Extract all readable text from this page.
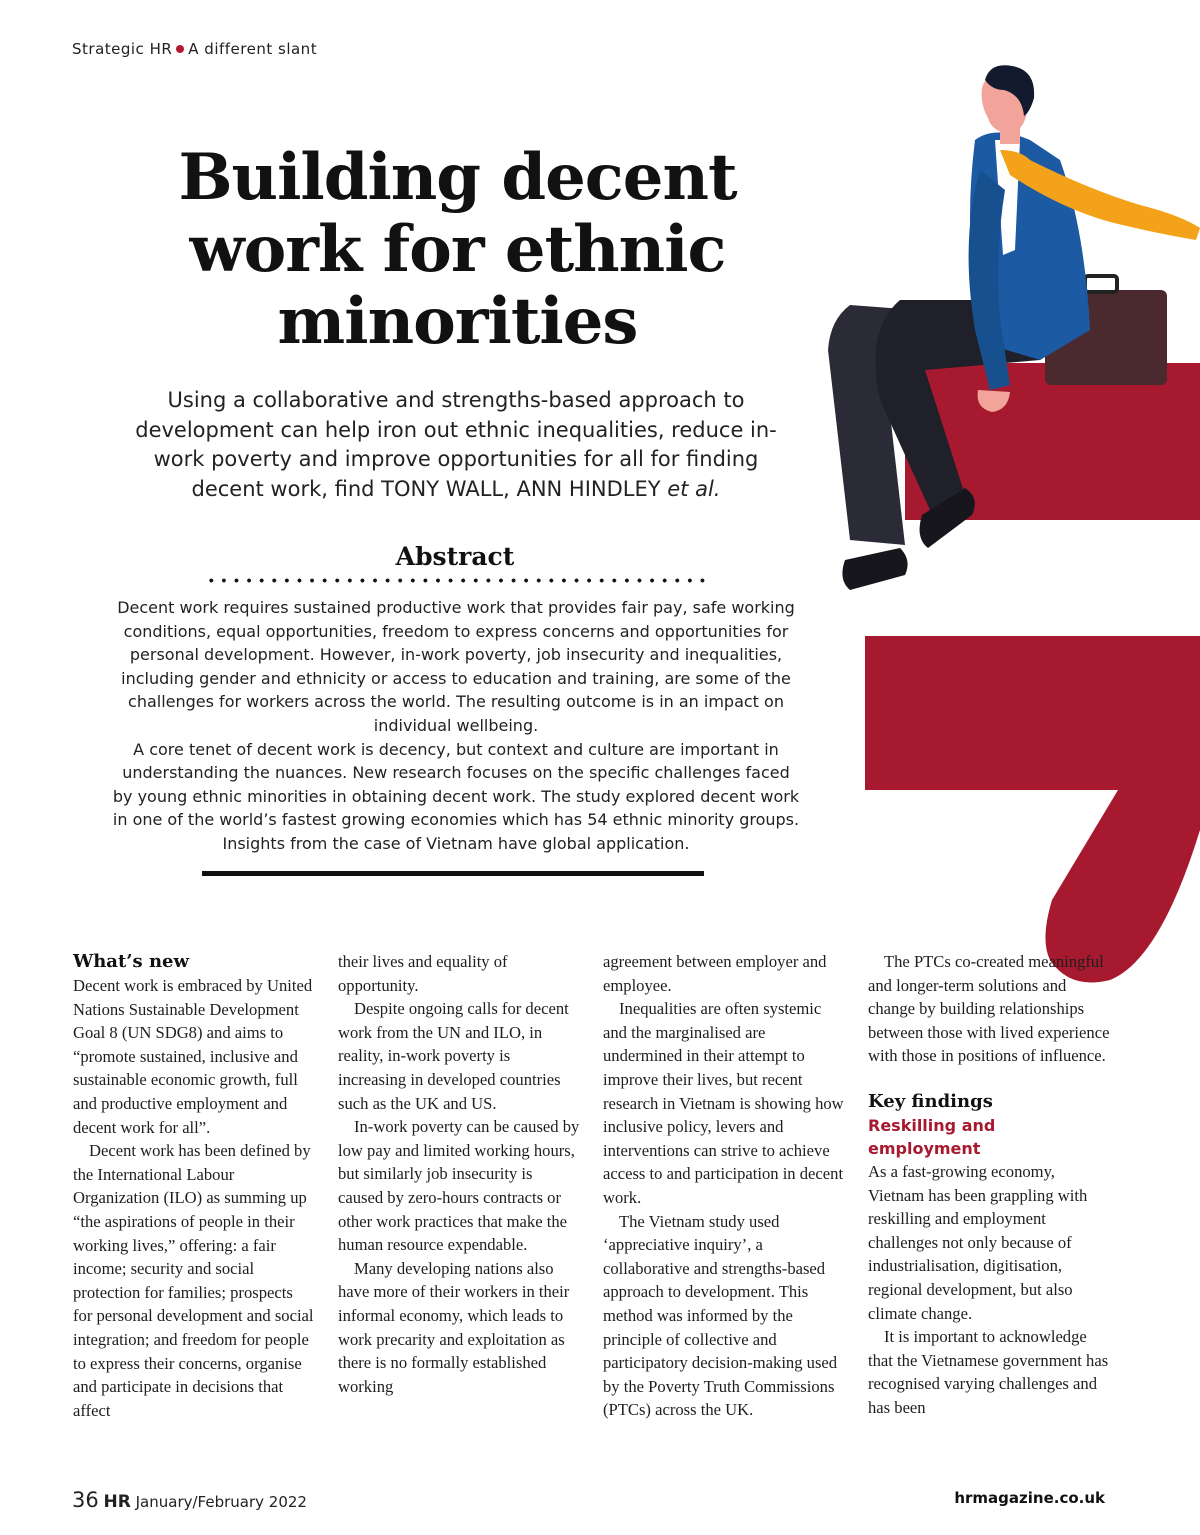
Strategic HR A different slant
Building decent work for ethnic minorities

Using a collaborative and strengths-based approach to development can help iron out ethnic inequalities, reduce in-work poverty and improve opportunities for all for finding decent work, find TONY WALL, ANN HINDLEY et al.

Abstract

Decent work requires sustained productive work that provides fair pay, safe working conditions, equal opportunities, freedom to express concerns and opportunities for personal development. However, in-work poverty, job insecurity and inequalities, including gender and ethnicity or access to education and training, are some of the challenges for workers across the world. The resulting outcome is in an impact on individual wellbeing.

A core tenet of decent work is decency, but context and culture are important in understanding the nuances. New research focuses on the specific challenges faced by young ethnic minorities in obtaining decent work. The study explored decent work in one of the world’s fastest growing economies which has 54 ethnic minority groups. Insights from the case of Vietnam have global application.

What’s new

Decent work is embraced by United Nations Sustainable Development Goal 8 (UN SDG8) and aims to “promote sustained, inclusive and sustainable economic growth, full and productive employment and decent work for all”.

Decent work has been defined by the International Labour Organization (ILO) as summing up “the aspirations of people in their working lives,” offering: a fair income; security and social protection for families; prospects for personal development and social integration; and freedom for people to express their concerns, organise and participate in decisions that affect

their lives and equality of opportunity.

Despite ongoing calls for decent work from the UN and ILO, in reality, in-work poverty is increasing in developed countries such as the UK and US.

In-work poverty can be caused by low pay and limited working hours, but similarly job insecurity is caused by zero-hours contracts or other work practices that make the human resource expendable.

Many developing nations also have more of their workers in their informal economy, which leads to work precarity and exploitation as there is no formally established working

agreement between employer and employee.

Inequalities are often systemic and the marginalised are undermined in their attempt to improve their lives, but recent research in Vietnam is showing how inclusive policy, levers and interventions can strive to achieve access to and participation in decent work.

The Vietnam study used ‘appreciative inquiry’, a collaborative and strengths-based approach to development. This method was informed by the principle of collective and participatory decision-making used by the Poverty Truth Commissions (PTCs) across the UK.

The PTCs co-created meaningful and longer-term solutions and change by building relationships between those with lived experience with those in positions of influence.

Key findings
Reskilling and employment

As a fast-growing economy, Vietnam has been grappling with reskilling and employment challenges not only because of industrialisation, digitisation, regional development, but also climate change.

It is important to acknowledge that the Vietnamese government has recognised varying challenges and has been

36 HR January/February 2022	hrmagazine.co.uk
